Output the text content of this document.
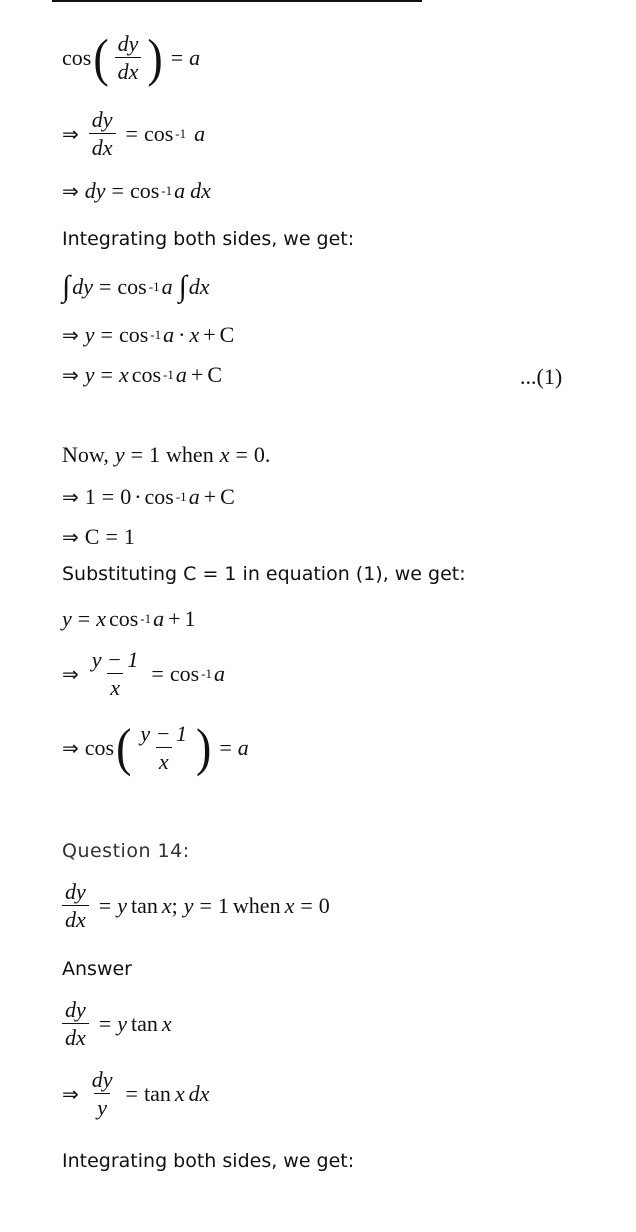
cos ( $\frac{dy}{dx}$ ) = a
⇒ $\frac{dy}{dx} = \cos -1$ a
⇒ dy = cos -1 a dx
Integrating both sides, we get:
∫ dy = cos -1 a ∫ dx
⇒ y = cos -1 a · x + C
⇒ y = x cos -1 a + C	...(1)
Now, y = 1 when x = 0 .
⇒ 1 = 0 · cos -1 a + C
⇒ C = 1
Substituting C = 1 in equation (1), we get:
y = x cos -1 a + 1
⇒ $\frac{y - 1}{x} = \cos -1$ a
⇒ cos ( $\frac{y - 1}{x}$ ) = a
Question 14:
$\frac{dy}{dx} = y$ tan x ; y = 1 when x = 0
Answer
$\frac{dy}{dx} = y$ tan x
⇒ $\frac{dy}{y} = \tan x$ dx
Integrating both sides, we get:
